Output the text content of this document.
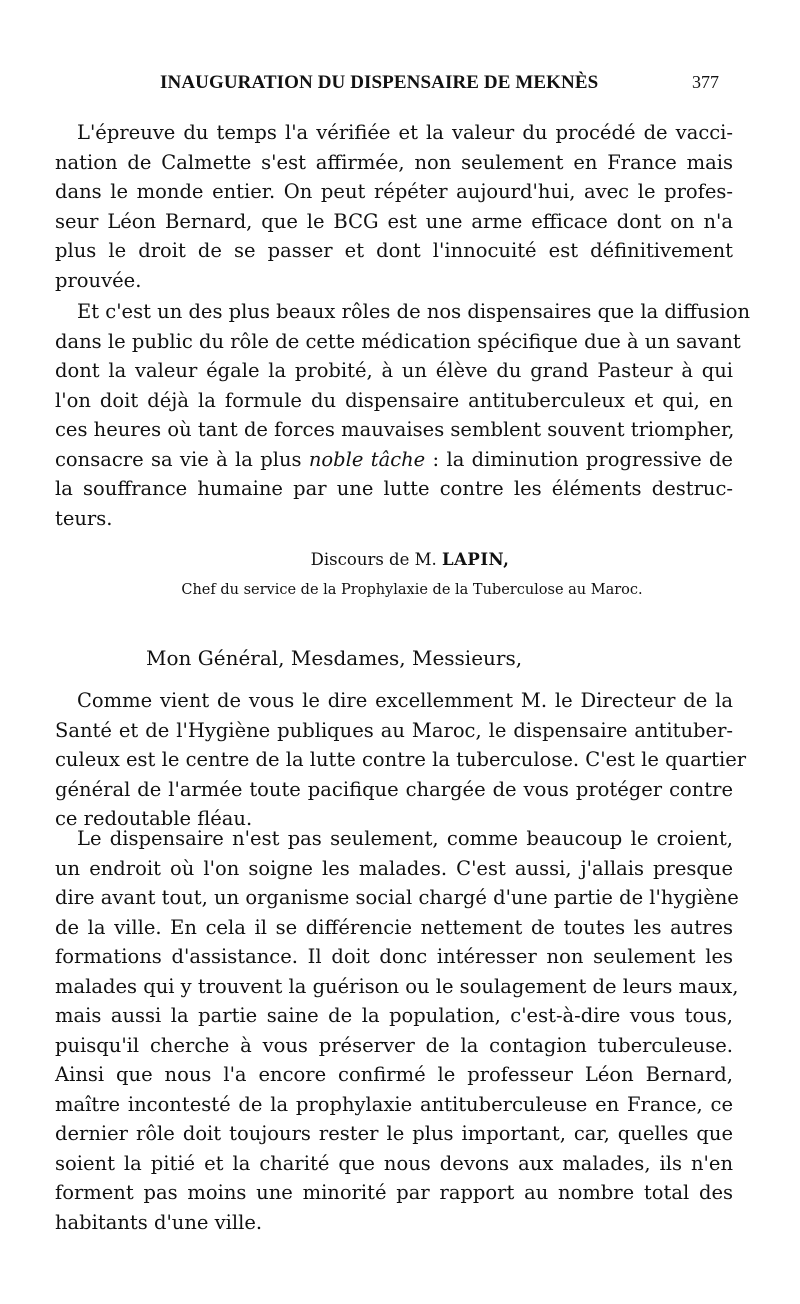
INAUGURATION DU DISPENSAIRE DE MEKNÈS	377
L'épreuve du temps l'a vérifiée et la valeur du procédé de vacci-
nation de Calmette s'est affirmée, non seulement en France mais
dans le monde entier. On peut répéter aujourd'hui, avec le profes-
seur Léon Bernard, que le BCG est une arme efficace dont on n'a
plus le droit de se passer et dont l'innocuité est définitivement
prouvée.
Et c'est un des plus beaux rôles de nos dispensaires que la diffusion
dans le public du rôle de cette médication spécifique due à un savant
dont la valeur égale la probité, à un élève du grand Pasteur à qui
l'on doit déjà la formule du dispensaire antituberculeux et qui, en
ces heures où tant de forces mauvaises semblent souvent triompher,
consacre sa vie à la plus noble tâche : la diminution progressive de
la souffrance humaine par une lutte contre les éléments destruc-
teurs.
Discours de M. LAPIN,
Chef du service de la Prophylaxie de la Tuberculose au Maroc.
Mon Général, Mesdames, Messieurs,
Comme vient de vous le dire excellemment M. le Directeur de la
Santé et de l'Hygiène publiques au Maroc, le dispensaire antituber-
culeux est le centre de la lutte contre la tuberculose. C'est le quartier
général de l'armée toute pacifique chargée de vous protéger contre
ce redoutable fléau.
Le dispensaire n'est pas seulement, comme beaucoup le croient,
un endroit où l'on soigne les malades. C'est aussi, j'allais presque
dire avant tout, un organisme social chargé d'une partie de l'hygiène
de la ville. En cela il se différencie nettement de toutes les autres
formations d'assistance. Il doit donc intéresser non seulement les
malades qui y trouvent la guérison ou le soulagement de leurs maux,
mais aussi la partie saine de la population, c'est-à-dire vous tous,
puisqu'il cherche à vous préserver de la contagion tuberculeuse.
Ainsi que nous l'a encore confirmé le professeur Léon Bernard,
maître incontesté de la prophylaxie antituberculeuse en France, ce
dernier rôle doit toujours rester le plus important, car, quelles que
soient la pitié et la charité que nous devons aux malades, ils n'en
forment pas moins une minorité par rapport au nombre total des
habitants d'une ville.
